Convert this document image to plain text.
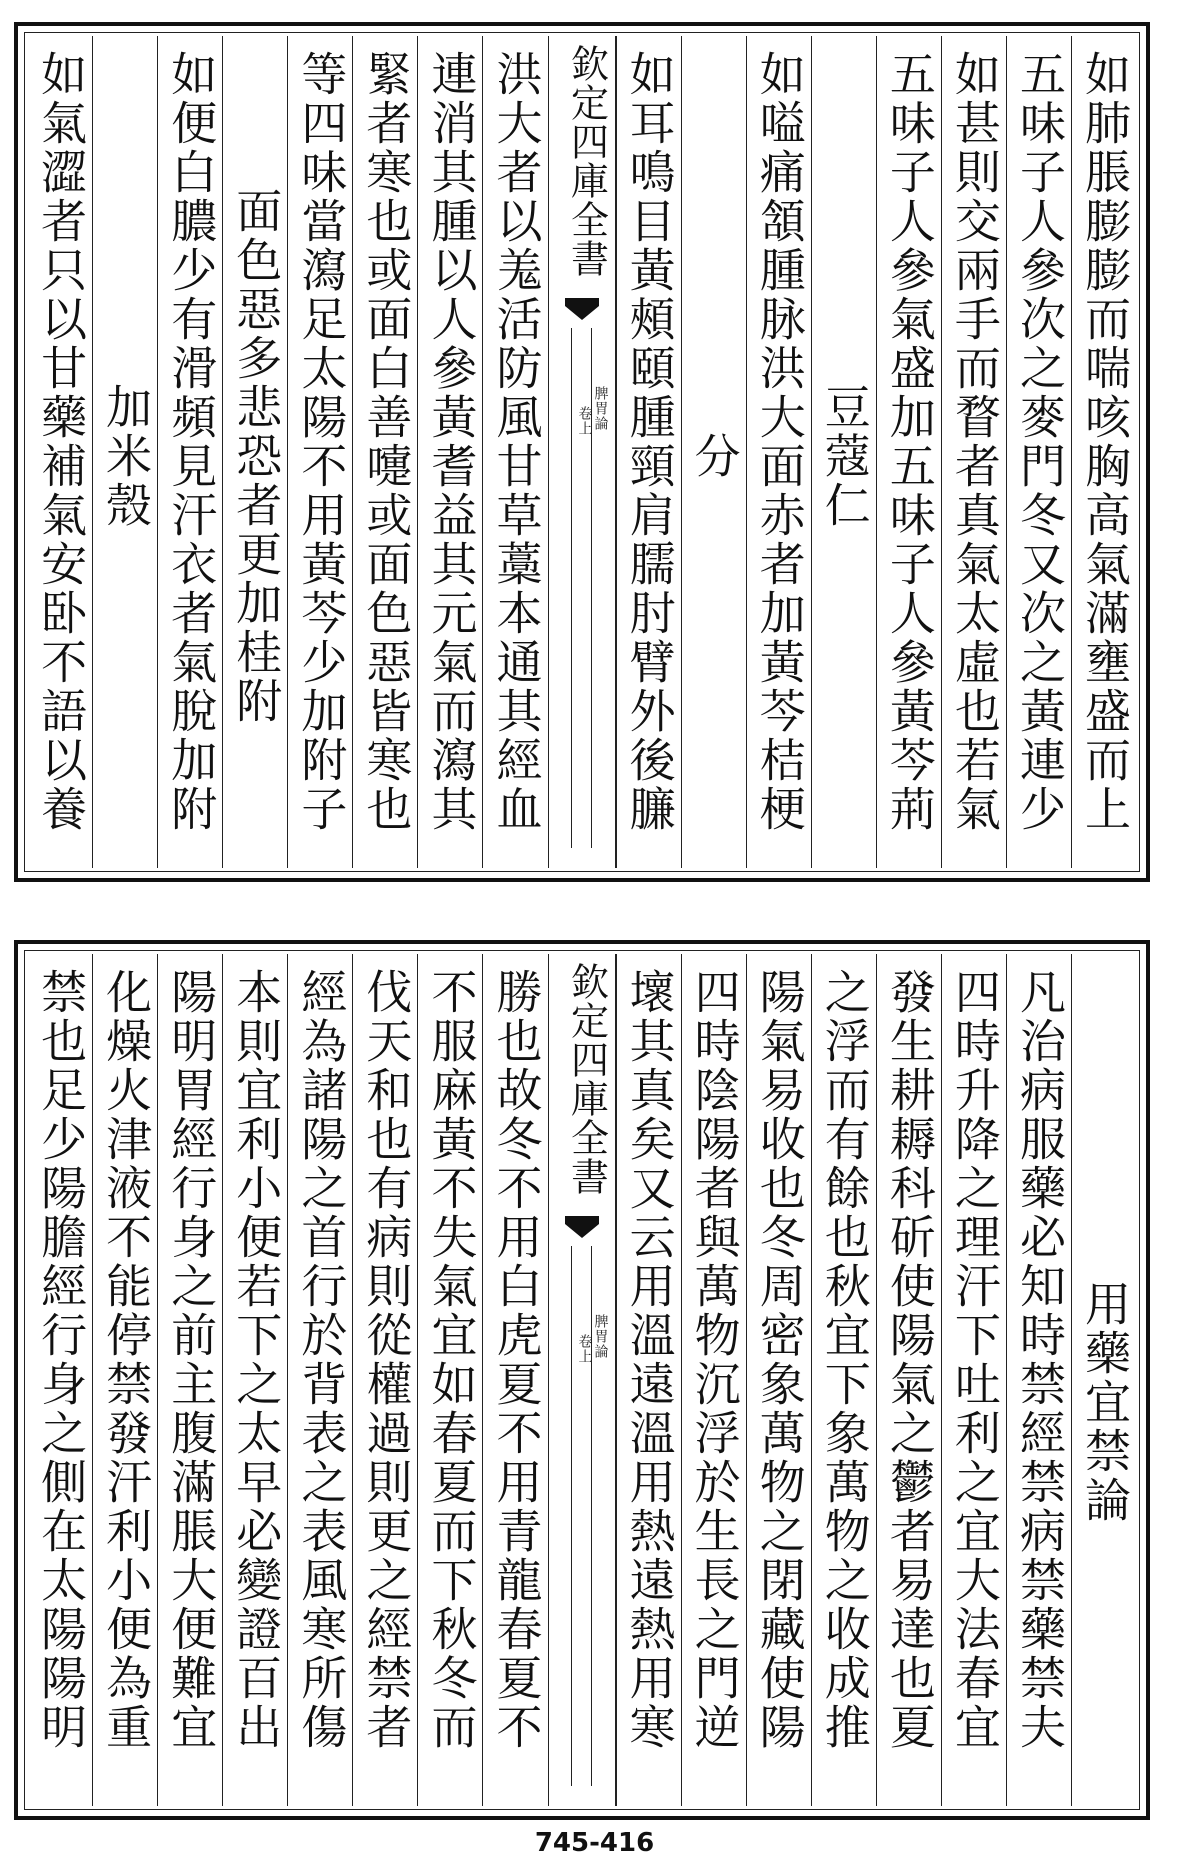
如肺脹膨膨而喘咳胸高氣滿壅盛而上
五味子人參次之麥門冬又次之黃連少
如甚則交兩手而瞀者真氣太虛也若氣
五味子人參氣盛加五味子人參黃芩荊
豆蔻仁
如嗌痛頷腫脉洪大面赤者加黃芩桔梗
分
如耳鳴目黃頰頤腫頸肩臑肘臂外後臁
欽定四庫全書
脾胃論
卷上
洪大者以羗活防風甘草藁本通其經血
連消其腫以人參黃耆益其元氣而瀉其
緊者寒也或面白善嚏或面色惡皆寒也
等四味當瀉足太陽不用黃芩少加附子
面色惡多悲恐者更加桂附
如便白膿少有滑頻見汗衣者氣脫加附
加米殼
如氣澀者只以甘藥補氣安卧不語以養
用藥宜禁論
凡治病服藥必知時禁經禁病禁藥禁夫
四時升降之理汗下吐利之宜大法春宜
發生耕耨科斫使陽氣之鬱者易達也夏
之浮而有餘也秋宜下象萬物之收成推
陽氣易收也冬周密象萬物之閉藏使陽
四時陰陽者與萬物沉浮於生長之門逆
壞其真矣又云用溫遠溫用熱遠熱用寒
欽定四庫全書
脾胃論
卷上
勝也故冬不用白虎夏不用青龍春夏不
不服麻黃不失氣宜如春夏而下秋冬而
伐天和也有病則從權過則更之經禁者
經為諸陽之首行於背表之表風寒所傷
本則宜利小便若下之太早必變證百出
陽明胃經行身之前主腹滿脹大便難宜
化燥火津液不能停禁發汗利小便為重
禁也足少陽膽經行身之側在太陽陽明
745-416
